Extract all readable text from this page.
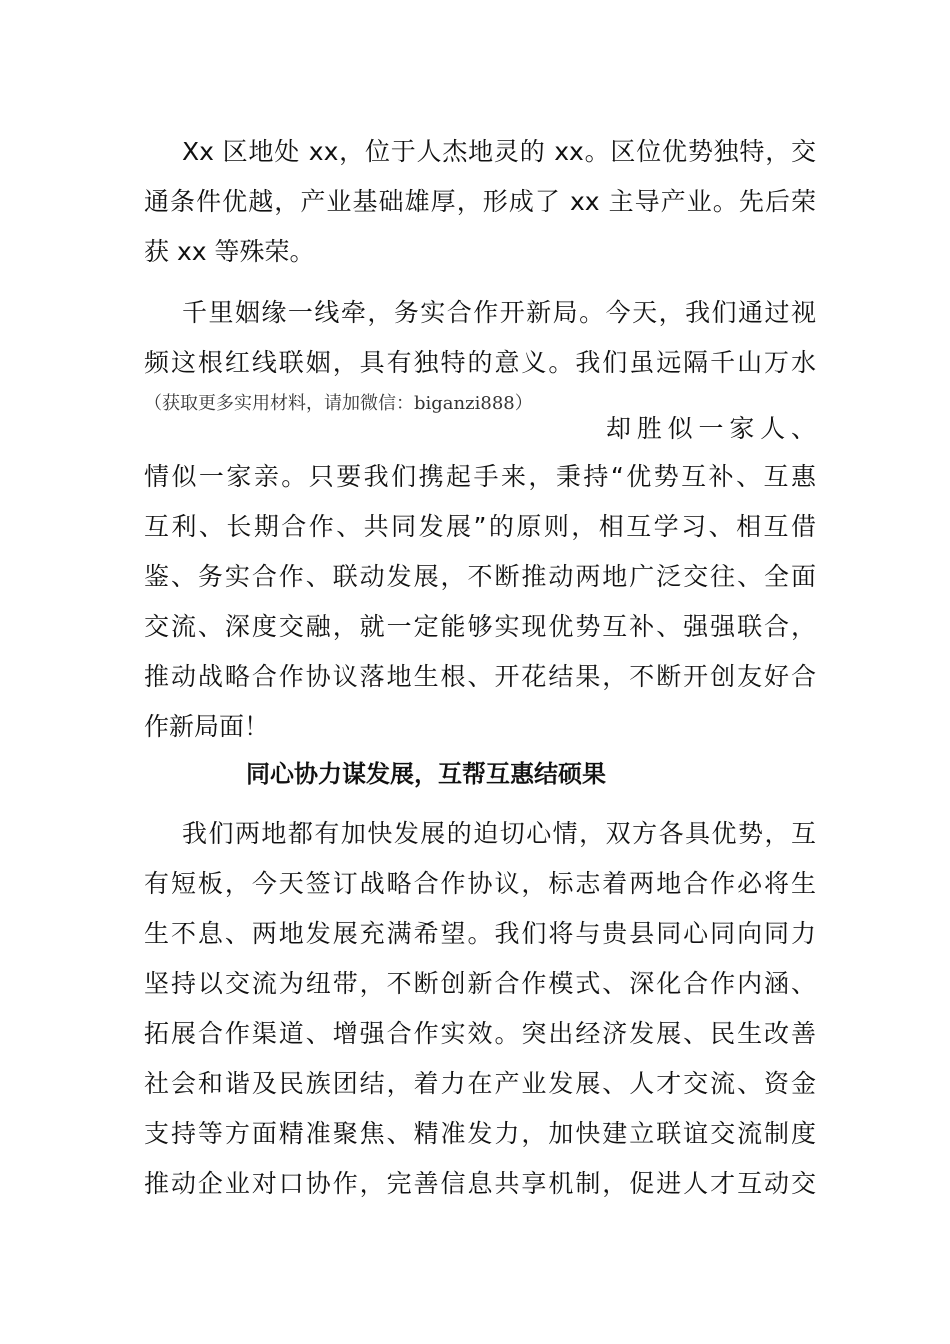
Xx 区地处 xx，位于人杰地灵的 xx。区位优势独特，交
通条件优越，产业基础雄厚，形成了 xx 主导产业。先后荣
获 xx 等殊荣。
千里姻缘一线牵，务实合作开新局。今天，我们通过视
频这根红线联姻，具有独特的意义。我们虽远隔千山万水
（获取更多实用材料，请加微信：biganzi888）
却胜似一家人、
情似一家亲。只要我们携起手来，秉持“优势互补、互惠
互利、长期合作、共同发展”的原则，相互学习、相互借
鉴、务实合作、联动发展，不断推动两地广泛交往、全面
交流、深度交融，就一定能够实现优势互补、强强联合，
推动战略合作协议落地生根、开花结果，不断开创友好合
作新局面！
同心协力谋发展，互帮互惠结硕果
我们两地都有加快发展的迫切心情，双方各具优势，互
有短板，今天签订战略合作协议，标志着两地合作必将生
生不息、两地发展充满希望。我们将与贵县同心同向同力
坚持以交流为纽带，不断创新合作模式、深化合作内涵、
拓展合作渠道、增强合作实效。突出经济发展、民生改善
社会和谐及民族团结，着力在产业发展、人才交流、资金
支持等方面精准聚焦、精准发力，加快建立联谊交流制度
推动企业对口协作，完善信息共享机制，促进人才互动交
